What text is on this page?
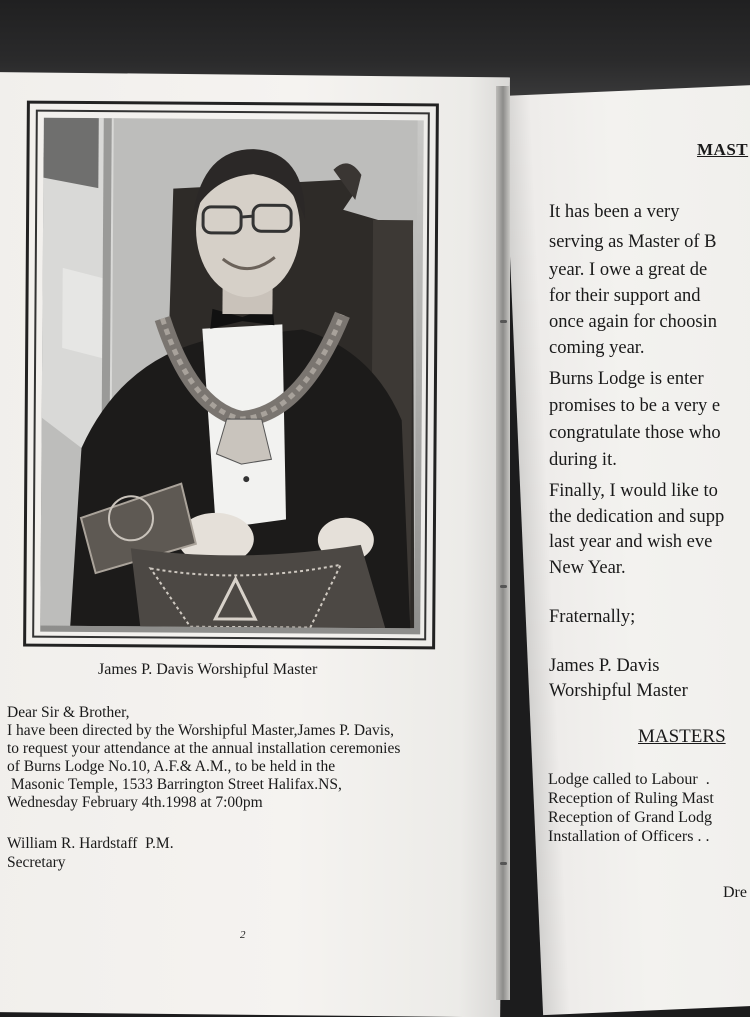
James P. Davis Worshipful Master
Dear Sir & Brother,
I have been directed by the Worshipful Master,James P. Davis,
to request your attendance at the annual installation ceremonies
of Burns Lodge No.10, A.F.& A.M., to be held in the
Masonic Temple, 1533 Barrington Street Halifax.NS,
Wednesday February 4th.1998 at 7:00pm
William R. Hardstaff  P.M.
Secretary
2
MAST
It has been a very
serving as Master of B
year. I owe a great de
for their support and
once again for choosin
coming year.
Burns Lodge is enter
promises to be a very e
congratulate those who
during it.
Finally, I would like to
the dedication and supp
last year and wish eve
New Year.
Fraternally;
James P. Davis
Worshipful Master
MASTERS
Lodge called to Labour  .
Reception of Ruling Mast
Reception of Grand Lodg
Installation of Officers . .
Dre
